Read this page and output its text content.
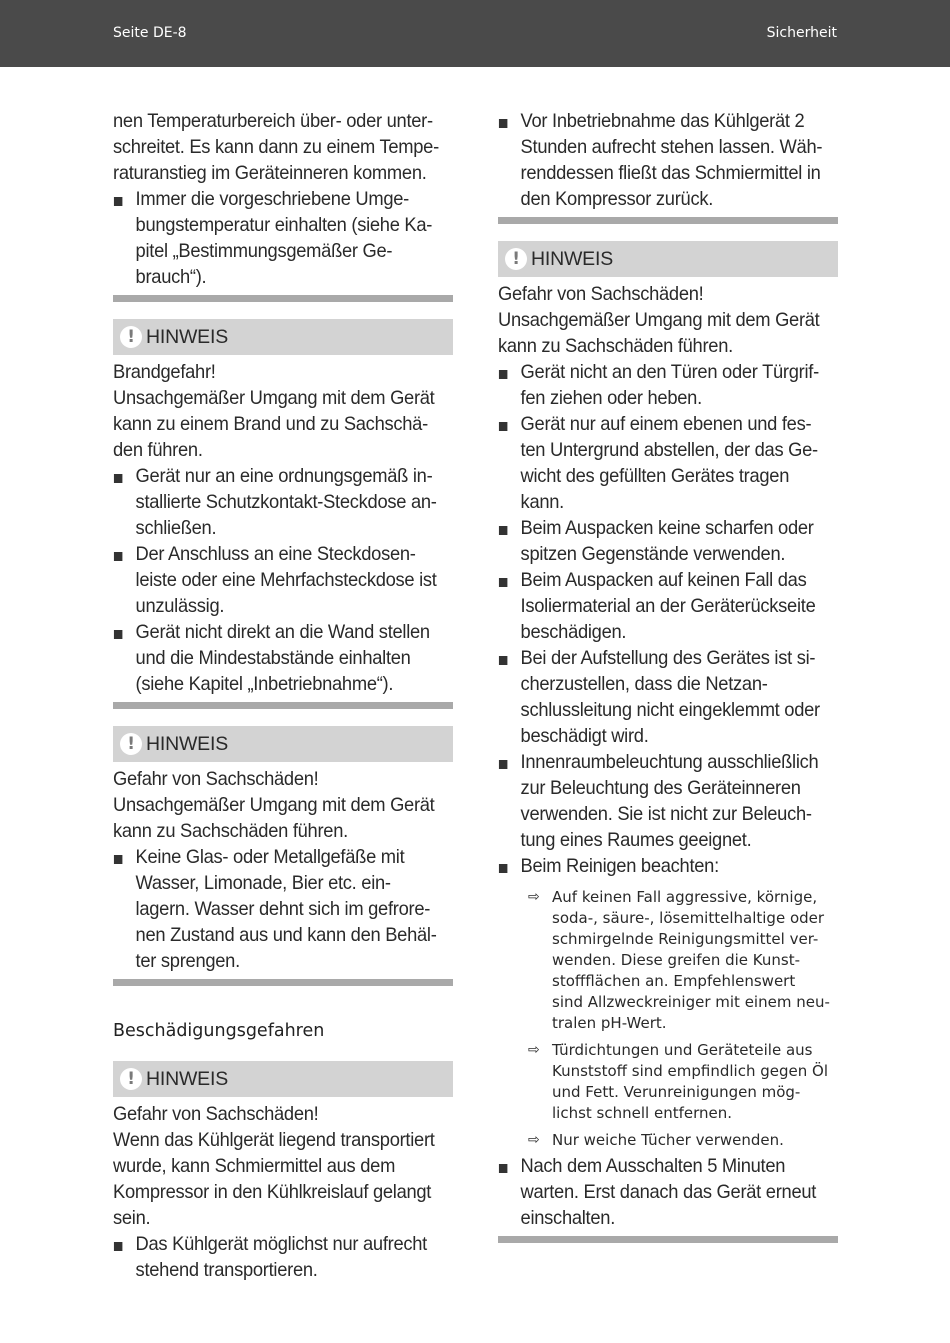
Seite DE-8	Sicherheit
nen Temperaturbereich über- oder unter-
schreitet. Es kann dann zu einem Tempe-
raturanstieg im Geräteinneren kommen.
Immer die vorgeschriebene Umge-
bungstemperatur einhalten (siehe Ka-
pitel „Bestimmungsgemäßer Ge-
brauch“).
! HINWEIS
Brandgefahr!
Unsachgemäßer Umgang mit dem Gerät
kann zu einem Brand und zu Sachschä-
den führen.
Gerät nur an eine ordnungsgemäß in-
stallierte Schutzkontakt-Steckdose an-
schließen.
Der Anschluss an eine Steckdosen-
leiste oder eine Mehrfachsteckdose ist
unzulässig.
Gerät nicht direkt an die Wand stellen
und die Mindestabstände einhalten
(siehe Kapitel „Inbetriebnahme“).
! HINWEIS
Gefahr von Sachschäden!
Unsachgemäßer Umgang mit dem Gerät
kann zu Sachschäden führen.
Keine Glas- oder Metallgefäße mit
Wasser, Limonade, Bier etc. ein-
lagern. Wasser dehnt sich im gefrore-
nen Zustand aus und kann den Behäl-
ter sprengen.
Beschädigungsgefahren
! HINWEIS
Gefahr von Sachschäden!
Wenn das Kühlgerät liegend transportiert
wurde, kann Schmiermittel aus dem
Kompressor in den Kühlkreislauf gelangt
sein.
Das Kühlgerät möglichst nur aufrecht
stehend transportieren.
Vor Inbetriebnahme das Kühlgerät 2
Stunden aufrecht stehen lassen. Wäh-
renddessen fließt das Schmiermittel in
den Kompressor zurück.
! HINWEIS
Gefahr von Sachschäden!
Unsachgemäßer Umgang mit dem Gerät
kann zu Sachschäden führen.
Gerät nicht an den Türen oder Türgrif-
fen ziehen oder heben.
Gerät nur auf einem ebenen und fes-
ten Untergrund abstellen, der das Ge-
wicht des gefüllten Gerätes tragen
kann.
Beim Auspacken keine scharfen oder
spitzen Gegenstände verwenden.
Beim Auspacken auf keinen Fall das
Isoliermaterial an der Geräterückseite
beschädigen.
Bei der Aufstellung des Gerätes ist si-
cherzustellen, dass die Netzan-
schlussleitung nicht eingeklemmt oder
beschädigt wird.
Innenraumbeleuchtung ausschließlich
zur Beleuchtung des Geräteinneren
verwenden. Sie ist nicht zur Beleuch-
tung eines Raumes geeignet.
Beim Reinigen beachten:
⇨ Auf keinen Fall aggressive, körnige,
soda-, säure-, lösemittelhaltige oder
schmirgelnde Reinigungsmittel ver-
wenden. Diese greifen die Kunst-
stoffflächen an. Empfehlenswert
sind Allzweckreiniger mit einem neu-
tralen pH-Wert.
⇨ Türdichtungen und Geräteteile aus
Kunststoff sind empfindlich gegen Öl
und Fett. Verunreinigungen mög-
lichst schnell entfernen.
⇨ Nur weiche Tücher verwenden.
Nach dem Ausschalten 5 Minuten
warten. Erst danach das Gerät erneut
einschalten.
